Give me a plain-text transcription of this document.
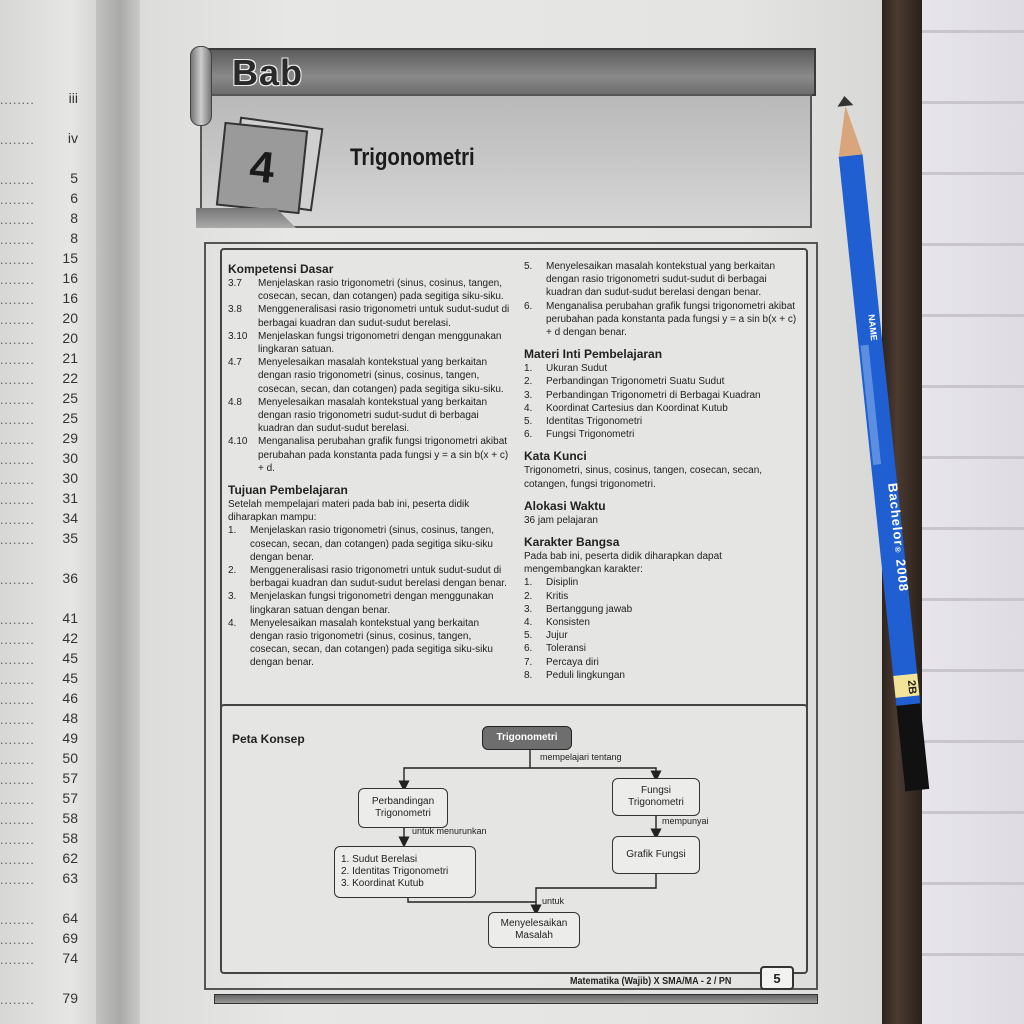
........ iii
........ iv
........	5
........	6
........	8
........	8
........ 15
........ 16
........ 16
........ 20
........ 20
........ 21
........ 22
........ 25
........ 25
........ 29
........ 30
........ 30
........ 31
........ 34
........ 35
........ 36
........ 41
........ 42
........ 45
........ 45
........ 46
........ 48
........ 49
........ 50
........ 57
........ 57
........ 58
........ 58
........ 62
........ 63
........ 64
........ 69
........ 74
........ 79
Bab
4	Trigonometri
Kompetensi Dasar
3.7	Menjelaskan rasio trigonometri (sinus, cosinus, tangen, cosecan, secan, dan cotangen) pada segitiga siku-siku.
3.8	Menggeneralisasi rasio trigonometri untuk sudut-sudut di berbagai kuadran dan sudut-sudut berelasi.
3.10	Menjelaskan fungsi trigonometri dengan menggunakan lingkaran satuan.
4.7	Menyelesaikan masalah kontekstual yang berkaitan dengan rasio trigonometri (sinus, cosinus, tangen, cosecan, secan, dan cotangen) pada segitiga siku-siku.
4.8	Menyelesaikan masalah kontekstual yang berkaitan dengan rasio trigonometri sudut-sudut di berbagai kuadran dan sudut-sudut berelasi.
4.10	Menganalisa perubahan grafik fungsi trigonometri akibat perubahan pada konstanta pada fungsi y = a sin b(x + c) + d.
Tujuan Pembelajaran
Setelah mempelajari materi pada bab ini, peserta didik diharapkan mampu:
1.	Menjelaskan rasio trigonometri (sinus, cosinus, tangen, cosecan, secan, dan cotangen) pada segitiga siku-siku dengan benar.
2.	Menggeneralisasi rasio trigonometri untuk sudut-sudut di berbagai kuadran dan sudut-sudut berelasi dengan benar.
3.	Menjelaskan fungsi trigonometri dengan menggunakan lingkaran satuan dengan benar.
4.	Menyelesaikan masalah kontekstual yang berkaitan dengan rasio trigonometri (sinus, cosinus, tangen, cosecan, secan, dan cotangen) pada segitiga siku-siku dengan benar.
5.	Menyelesaikan masalah kontekstual yang berkaitan dengan rasio trigonometri sudut-sudut di berbagai kuadran dan sudut-sudut berelasi dengan benar.
6.	Menganalisa perubahan grafik fungsi trigonometri akibat perubahan pada konstanta pada fungsi y = a sin b(x + c) + d dengan benar.
Materi Inti Pembelajaran
1.	Ukuran Sudut
2.	Perbandingan Trigonometri Suatu Sudut
3.	Perbandingan Trigonometri di Berbagai Kuadran
4.	Koordinat Cartesius dan Koordinat Kutub
5.	Identitas Trigonometri
6.	Fungsi Trigonometri
Kata Kunci
Trigonometri, sinus, cosinus, tangen, cosecan, secan, cotangen, fungsi trigonometri.
Alokasi Waktu
36 jam pelajaran
Karakter Bangsa
Pada bab ini, peserta didik diharapkan dapat mengembangkan karakter:
1.	Disiplin
2.	Kritis
3.	Bertanggung jawab
4.	Konsisten
5.	Jujur
6.	Toleransi
7.	Percaya diri
8.	Peduli lingkungan
Peta Konsep	Trigonometri
mempelajari tentang
Perbandingan Trigonometri
Fungsi Trigonometri
untuk menurunkan
mempunyai
1. Sudut Berelasi
2. Identitas Trigonometri
3. Koordinat Kutub
Grafik Fungsi
untuk
Menyelesaikan Masalah
Matematika (Wajib) X SMA/MA - 2 / PN	5
NAME
Bachelor®2008
2B
